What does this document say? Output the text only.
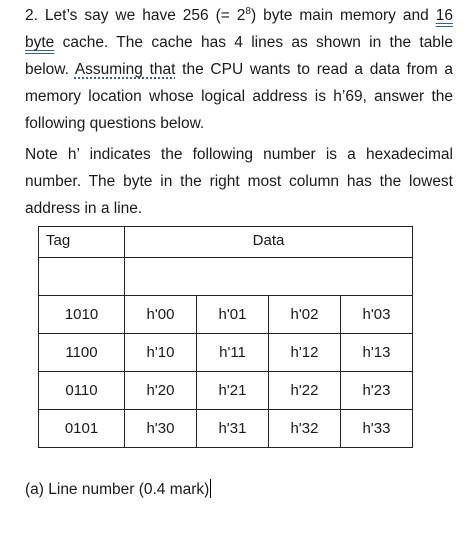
2. Let’s say we have 256 (= $2^8$) byte main memory and 16 byte cache. The cache has 4 lines as shown in the table below. Assuming that the CPU wants to read a data from a memory location whose logical address is h’69, answer the following questions below.

Note h’ indicates the following number is a hexadecimal number. The byte in the right most column has the lowest address in a line.

Tag	Data			

1010	h'00	h'01	h'02	h'03
1100	h'10	h'11	h'12	h'13
0110	h'20	h'21	h'22	h'23
0101	h'30	h'31	h'32	h'33
(a) Line number (0.4 mark)
